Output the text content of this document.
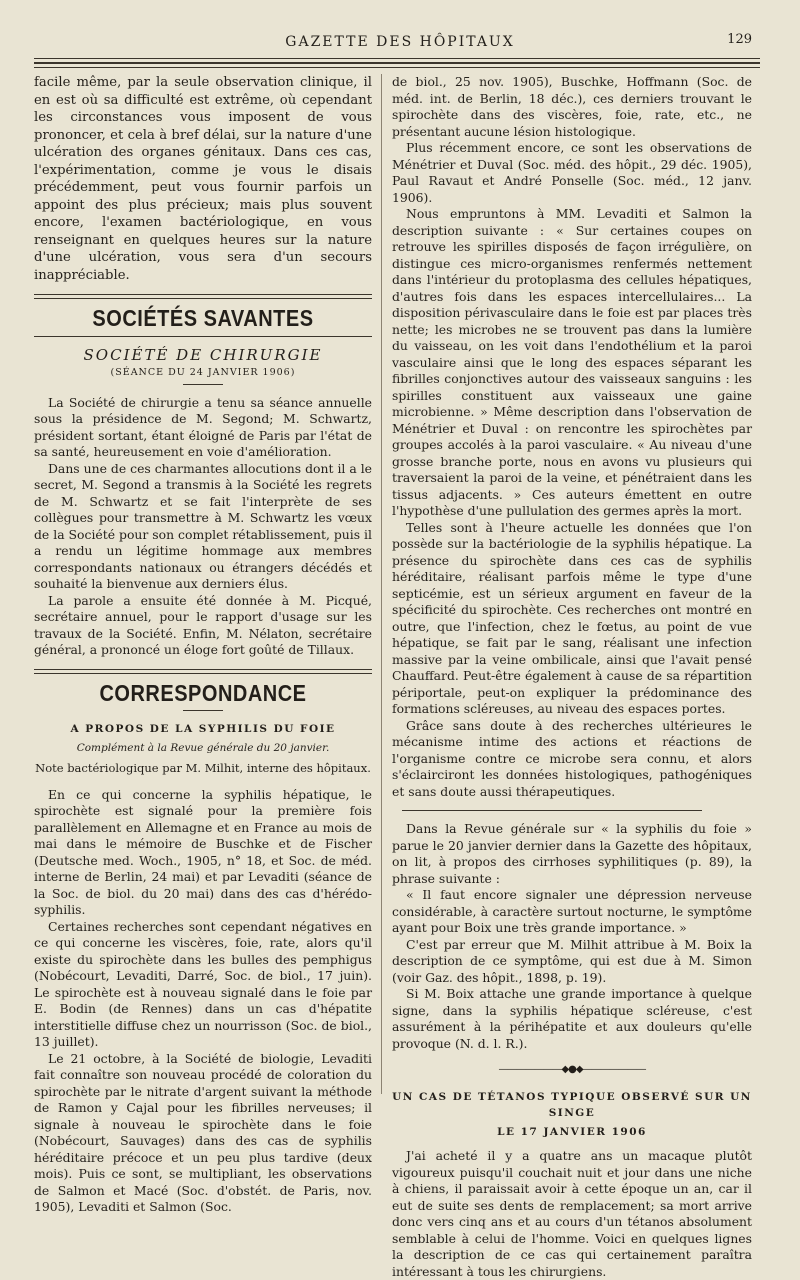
GAZETTE DES HÔPITAUX	129

facile même, par la seule observation clinique, il en est où sa difficulté est extrême, où cependant les circonstances vous imposent de vous prononcer, et cela à bref délai, sur la nature d'une ulcération des organes génitaux. Dans ces cas, l'expérimentation, comme je vous le disais précédemment, peut vous fournir parfois un appoint des plus précieux; mais plus souvent encore, l'examen bactériologique, en vous renseignant en quelques heures sur la nature d'une ulcération, vous sera d'un secours inappréciable.

SOCIÉTÉS SAVANTES
SOCIÉTÉ DE CHIRURGIE
(SÉANCE DU 24 JANVIER 1906)

La Société de chirurgie a tenu sa séance annuelle sous la présidence de M. Segond; M. Schwartz, président sortant, étant éloigné de Paris par l'état de sa santé, heureusement en voie d'amélioration.

Dans une de ces charmantes allocutions dont il a le secret, M. Segond a transmis à la Société les regrets de M. Schwartz et se fait l'interprète de ses collègues pour transmettre à M. Schwartz les vœux de la Société pour son complet rétablissement, puis il a rendu un légitime hommage aux membres correspondants nationaux ou étrangers décédés et souhaité la bienvenue aux derniers élus.

La parole a ensuite été donnée à M. Picqué, secrétaire annuel, pour le rapport d'usage sur les travaux de la Société. Enfin, M. Nélaton, secrétaire général, a prononcé un éloge fort goûté de Tillaux.

CORRESPONDANCE
A PROPOS DE LA SYPHILIS DU FOIE
Complément à la Revue générale du 20 janvier.
Note bactériologique par M. Milhit, interne des hôpitaux.

En ce qui concerne la syphilis hépatique, le spirochète est signalé pour la première fois parallèlement en Allemagne et en France au mois de mai dans le mémoire de Buschke et de Fischer (Deutsche med. Woch., 1905, n° 18, et Soc. de méd. interne de Berlin, 24 mai) et par Levaditi (séance de la Soc. de biol. du 20 mai) dans des cas d'hérédo-syphilis.

Certaines recherches sont cependant négatives en ce qui concerne les viscères, foie, rate, alors qu'il existe du spirochète dans les bulles des pemphigus (Nobécourt, Levaditi, Darré, Soc. de biol., 17 juin). Le spirochète est à nouveau signalé dans le foie par E. Bodin (de Rennes) dans un cas d'hépatite interstitielle diffuse chez un nourrisson (Soc. de biol., 13 juillet).

Le 21 octobre, à la Société de biologie, Levaditi fait connaître son nouveau procédé de coloration du spirochète par le nitrate d'argent suivant la méthode de Ramon y Cajal pour les fibrilles nerveuses; il signale à nouveau le spirochète dans le foie (Nobécourt, Sauvages) dans des cas de syphilis héréditaire précoce et un peu plus tardive (deux mois). Puis ce sont, se multipliant, les observations de Salmon et Macé (Soc. d'obstét. de Paris, nov. 1905), Levaditi et Salmon (Soc.

de biol., 25 nov. 1905), Buschke, Hoffmann (Soc. de méd. int. de Berlin, 18 déc.), ces derniers trouvant le spirochète dans des viscères, foie, rate, etc., ne présentant aucune lésion histologique.

Plus récemment encore, ce sont les observations de Ménétrier et Duval (Soc. méd. des hôpit., 29 déc. 1905), Paul Ravaut et André Ponselle (Soc. méd., 12 janv. 1906).

Nous empruntons à MM. Levaditi et Salmon la description suivante : « Sur certaines coupes on retrouve les spirilles disposés de façon irrégulière, on distingue ces micro-organismes renfermés nettement dans l'intérieur du protoplasma des cellules hépatiques, d'autres fois dans les espaces intercellulaires... La disposition périvasculaire dans le foie est par places très nette; les microbes ne se trouvent pas dans la lumière du vaisseau, on les voit dans l'endothélium et la paroi vasculaire ainsi que le long des espaces séparant les fibrilles conjonctives autour des vaisseaux sanguins : les spirilles constituent aux vaisseaux une gaine microbienne. » Même description dans l'observation de Ménétrier et Duval : on rencontre les spirochètes par groupes accolés à la paroi vasculaire. « Au niveau d'une grosse branche porte, nous en avons vu plusieurs qui traversaient la paroi de la veine, et pénétraient dans les tissus adjacents. » Ces auteurs émettent en outre l'hypothèse d'une pullulation des germes après la mort.

Telles sont à l'heure actuelle les données que l'on possède sur la bactériologie de la syphilis hépatique. La présence du spirochète dans ces cas de syphilis héréditaire, réalisant parfois même le type d'une septicémie, est un sérieux argument en faveur de la spécificité du spirochète. Ces recherches ont montré en outre, que l'infection, chez le fœtus, au point de vue hépatique, se fait par le sang, réalisant une infection massive par la veine ombilicale, ainsi que l'avait pensé Chauffard. Peut-être également à cause de sa répartition périportale, peut-on expliquer la prédominance des formations scléreuses, au niveau des espaces portes.

Grâce sans doute à des recherches ultérieures le mécanisme intime des actions et réactions de l'organisme contre ce microbe sera connu, et alors s'éclairciront les données histologiques, pathogéniques et sans doute aussi thérapeutiques.

Dans la Revue générale sur « la syphilis du foie » parue le 20 janvier dernier dans la Gazette des hôpitaux, on lit, à propos des cirrhoses syphilitiques (p. 89), la phrase suivante :

« Il faut encore signaler une dépression nerveuse considérable, à caractère surtout nocturne, le symptôme ayant pour Boix une très grande importance. »

C'est par erreur que M. Milhit attribue à M. Boix la description de ce symptôme, qui est due à M. Simon (voir Gaz. des hôpit., 1898, p. 19).

Si M. Boix attache une grande importance à quelque signe, dans la syphilis hépatique scléreuse, c'est assurément à la périhépatite et aux douleurs qu'elle provoque (N. d. l. R.).

———————◆●◆———————
UN CAS DE TÉTANOS TYPIQUE OBSERVÉ SUR UN SINGE
LE 17 JANVIER 1906

J'ai acheté il y a quatre ans un macaque plutôt vigoureux puisqu'il couchait nuit et jour dans une niche à chiens, il paraissait avoir à cette époque un an, car il eut de suite ses dents de remplacement; sa mort arrive donc vers cinq ans et au cours d'un tétanos absolument semblable à celui de l'homme. Voici en quelques lignes la description de ce cas qui certainement paraîtra intéressant à tous les chirurgiens.
